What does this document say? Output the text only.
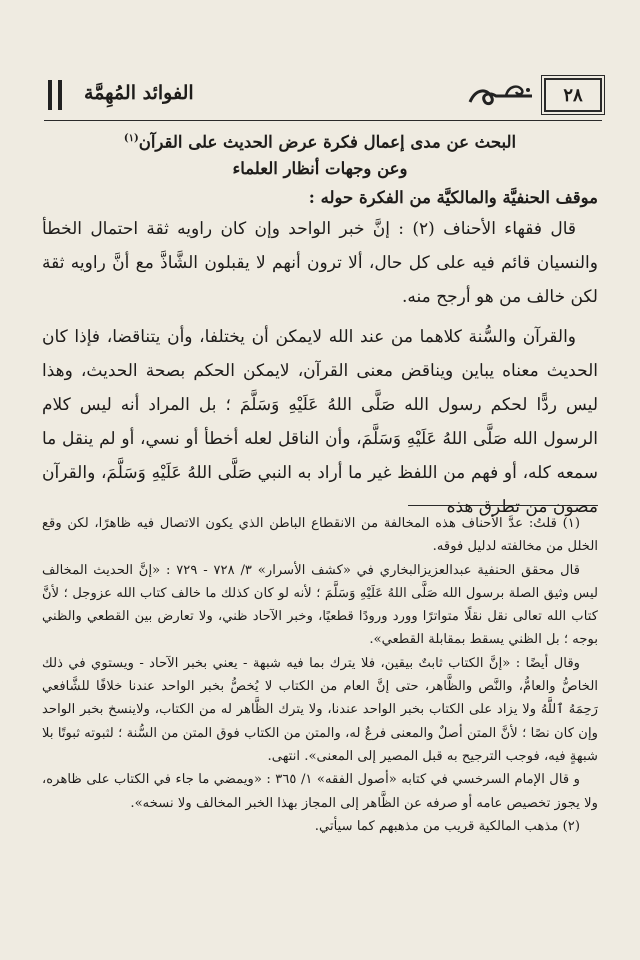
٢٨
الفوائد المُهِمَّة
البحث عن مدى إعمال فكرة عرض الحديث على القرآن$^{(١)}$
وعن وجهات أنظار العلماء
موقف الحنفيَّة والمالكيَّة من الفكرة حوله :

قال فقهاء الأحناف (٢) : إنَّ خبر الواحد وإن كان راويه ثقة احتمال الخطأ والنسيان قائم فيه على كل حال، ألا ترون أنهم لا يقبلون الشَّاذَّ مع أنَّ راويه ثقة لكن خالف من هو أرجح منه.

والقرآن والسُّنة كلاهما من عند الله لايمكن أن يختلفا، وأن يتناقضا، فإذا كان الحديث معناه يباين ويناقض معنى القرآن، لايمكن الحكم بصحة الحديث، وهذا ليس ردًّا لحكم رسول الله صَلَّى اللهُ عَلَيْهِ وَسَلَّمَ ؛ بل المراد أنه ليس كلام الرسول الله صَلَّى اللهُ عَلَيْهِ وَسَلَّمَ، وأن الناقل لعله أخطأ أو نسي، أو لم ينقل ما سمعه كله، أو فهم من اللفظ غير ما أراد به النبي صَلَّى اللهُ عَلَيْهِ وَسَلَّمَ، والقرآن مصون من تطرق هذه

(١) قلتُ: عدَّ الأحناف هذه المخالفة من الانقطاع الباطن الذي يكون الاتصال فيه ظاهرًا، لكن وقع الخلل من مخالفته لدليل فوقه.

قال محقق الحنفية عبدالعزيزالبخاري في «كشف الأسرار» ٣/ ٧٢٨ - ٧٢٩ : «إنَّ الحديث المخالف ليس وثيق الصلة برسول الله صَلَّى اللهُ عَلَيْهِ وَسَلَّمَ ؛ لأنه لو كان كذلك ما خالف كتاب الله عزوجل ؛ لأنَّ كتاب الله تعالى نقل نقلًا متواترًا وورد ورودًا قطعيًا، وخبر الآحاد ظني، ولا تعارض بين القطعي والظني بوجه ؛ بل الظني يسقط بمقابلة القطعي».

وقال أيضًا : «إنَّ الكتاب ثابتٌ بيقين، فلا يترك بما فيه شبهة - يعني بخبر الآحاد - ويستوي في ذلك الخاصُّ والعامُّ، والنَّص والظَّاهر، حتى إنَّ العام من الكتاب لا يُخصُّ بخبر الواحد عندنا خلافًا للشَّافعي رَحِمَهُ ٱللَّهُ ولا يزاد على الكتاب بخبر الواحد عندنا، ولا يترك الظَّاهر له من الكتاب، ولاينسخ بخبر الواحد وإن كان نصًا ؛ لأنَّ المتن أصلٌ والمعنى فرعٌ له، والمتن من الكتاب فوق المتن من السُّنة ؛ لثبوته ثبوتًا بلا شبهةٍ فيه، فوجب الترجيح به قبل المصير إلى المعنى». انتهى.

و قال الإمام السرخسي في كتابه «أصول الفقه» ١/ ٣٦٥ : «ويمضي ما جاء في الكتاب على ظاهره، ولا يجوز تخصيص عامه أو صرفه عن الظَّاهر إلى المجاز بهذا الخبر المخالف ولا نسخه».

(٢) مذهب المالكية قريب من مذهبهم كما سيأتي.
